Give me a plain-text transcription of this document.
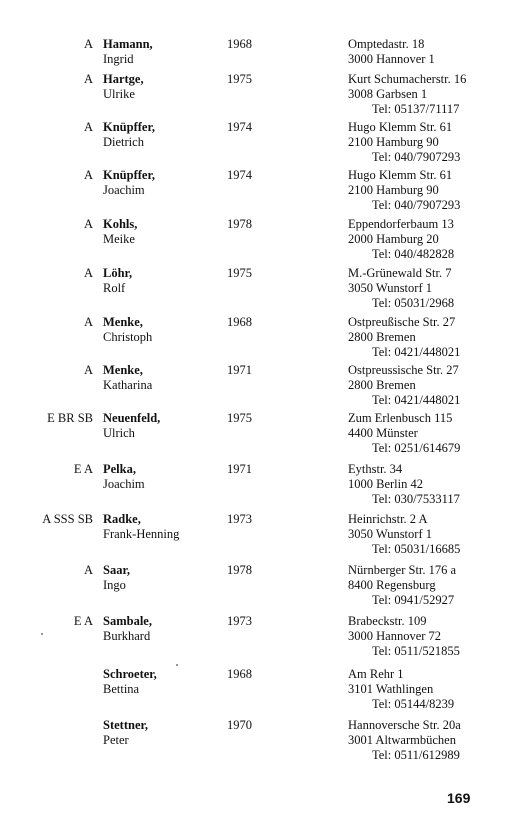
A Hamann,
Ingrid
1968	Omptedastr. 18
3000 Hannover 1
A Hartge,
Ulrike
1975	Kurt Schumacherstr. 16
3008 Garbsen 1
Tel: 05137/71117
A Knüpffer,
Dietrich
1974	Hugo Klemm Str. 61
2100 Hamburg 90
Tel: 040/7907293
A Knüpffer,
Joachim
1974	Hugo Klemm Str. 61
2100 Hamburg 90
Tel: 040/7907293
A Kohls,
Meike
1978	Eppendorferbaum 13
2000 Hamburg 20
Tel: 040/482828
A Löhr,
Rolf
1975	M.-Grünewald Str. 7
3050 Wunstorf 1
Tel: 05031/2968
A Menke,
Christoph
1968	Ostpreußische Str. 27
2800 Bremen
Tel: 0421/448021
A Menke,
Katharina
1971	Ostpreussische Str. 27
2800 Bremen
Tel: 0421/448021
E BR SB Neuenfeld,
Ulrich
1975	Zum Erlenbusch 115
4400 Münster
Tel: 0251/614679
E A Pelka,
Joachim
1971	Eythstr. 34
1000 Berlin 42
Tel: 030/7533117
A SSS SB Radke,
Frank-Henning
1973	Heinrichstr. 2 A
3050 Wunstorf 1
Tel: 05031/16685
A Saar,
Ingo
1978	Nürnberger Str. 176 a
8400 Regensburg
Tel: 0941/52927
E A Sambale,
Burkhard
1973	Brabeckstr. 109
3000 Hannover 72
Tel: 0511/521855
Schroeter,
Bettina
1968	Am Rehr 1
3101 Wathlingen
Tel: 05144/8239
Stettner,
Peter
1970	Hannoversche Str. 20a
3001 Altwarmbüchen
Tel: 0511/612989
169
